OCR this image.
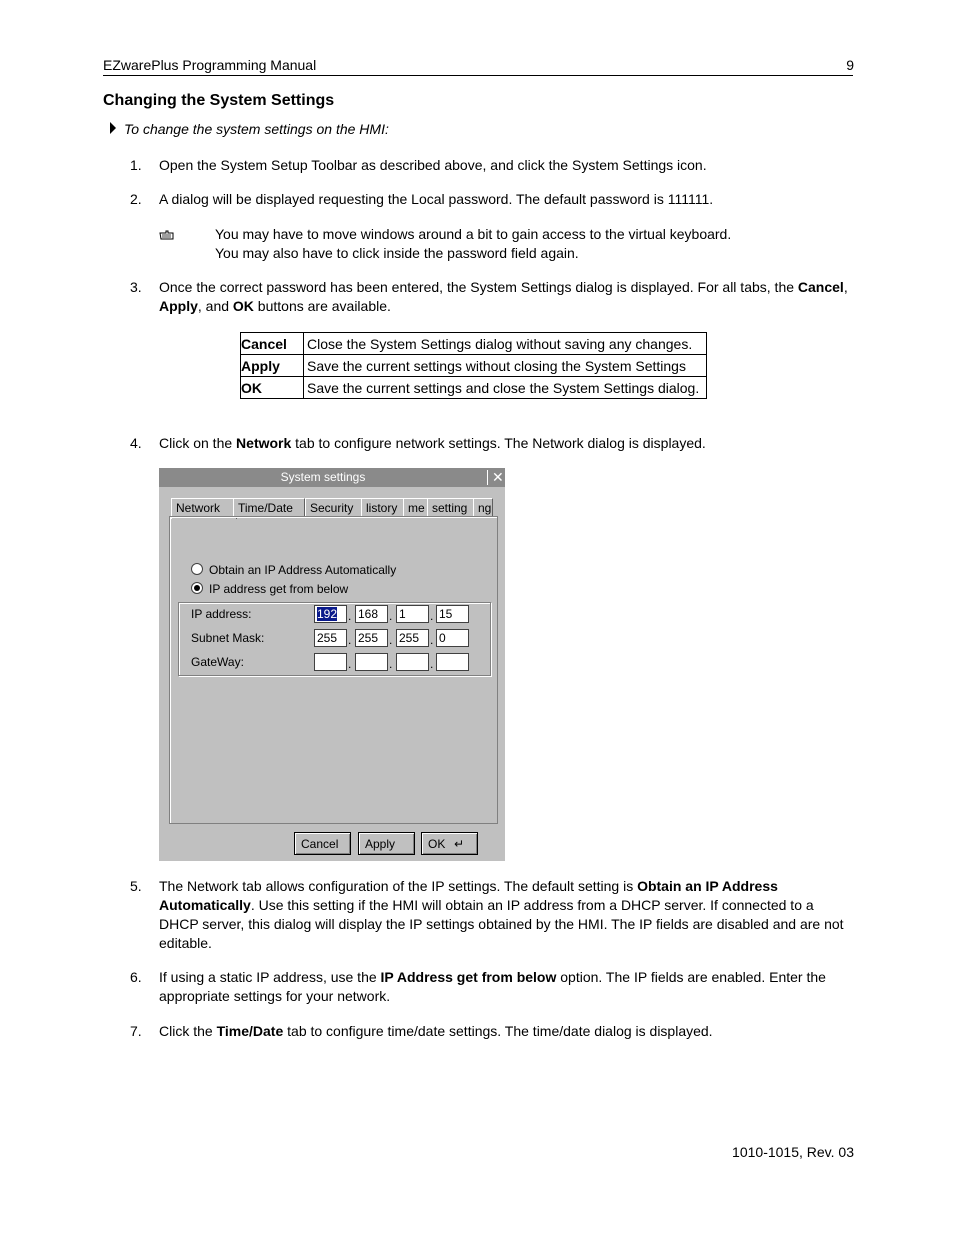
EZwarePlus Programming Manual	9
Changing the System Settings
To change the system settings on the HMI:
1.	Open the System Setup Toolbar as described above, and click the System Settings icon.
2.	A dialog will be displayed requesting the Local password. The default password is 111111.
You may have to move windows around a bit to gain access to the virtual keyboard.
You may also have to click inside the password field again.
3.	Once the correct password has been entered, the System Settings dialog is displayed. For all tabs, the Cancel, Apply, and OK buttons are available.
Cancel	Close the System Settings dialog without saving any changes.
Apply	Save the current settings without closing the System Settings
OK	Save the current settings and close the System Settings dialog.
4.	Click on the Network tab to configure network settings. The Network dialog is displayed.
System settings	✕
Network	Time/Date	Security	listory me setting ng
Obtain an IP Address Automatically
IP address get from below
IP address:	192 . 168 . 1	. 15
Subnet Mask:	255 . 255 . 255 . 0
GateWay:	.	.	.
Cancel	Apply	OK ↵
5.	The Network tab allows configuration of the IP settings. The default setting is Obtain an IP Address Automatically. Use this setting if the HMI will obtain an IP address from a DHCP server. If connected to a DHCP server, this dialog will display the IP settings obtained by the HMI. The IP fields are disabled and are not editable.
6.	If using a static IP address, use the IP Address get from below option. The IP fields are enabled. Enter the appropriate settings for your network.
7.	Click the Time/Date tab to configure time/date settings. The time/date dialog is displayed.
1010-1015, Rev. 03
